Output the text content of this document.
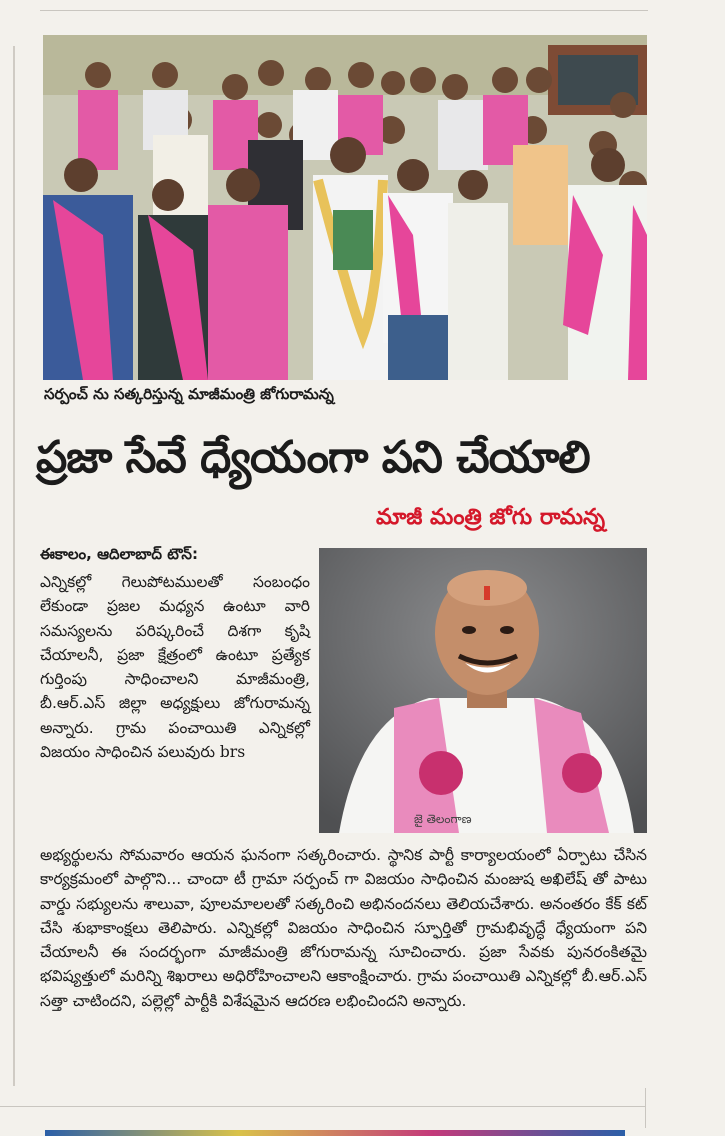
సర్పంచ్ ను సత్కరిస్తున్న మాజీమంత్రి జోగురామన్న
ప్రజా సేవే ధ్యేయంగా పని చేయాలి
మాజీ మంత్రి జోగు రామన్న
ఈకాలం, ఆదిలాబాద్ టౌన్:
ఎన్నికల్లో గెలుపోటములతో సంబంధం లేకుండా ప్రజల మధ్యన ఉంటూ వారి సమస్యలను పరిష్కరించే దిశగా కృషి చేయాలనీ, ప్రజా క్షేత్రంలో ఉంటూ ప్రత్యేక గుర్తింపు సాధించాలని మాజీమంత్రి, బీ.ఆర్.ఎస్ జిల్లా అధ్యక్షులు జోగురామన్న అన్నారు. గ్రామ పంచాయితి ఎన్నికల్లో విజయం సాధించిన పలువురు brs
జై తెలంగాణ
అభ్యర్థులను సోమవారం ఆయన ఘనంగా సత్కరించారు. స్థానిక పార్టీ కార్యాలయంలో ఏర్పాటు చేసిన కార్యక్రమంలో పాల్గొని... చాందా టీ గ్రామా సర్పంచ్ గా విజయం సాధించిన మంజుష అఖిలేష్ తో పాటు వార్డు సభ్యులను శాలువా, పూలమాలలతో సత్కరించి అభినందనలు తెలియచేశారు. అనంతరం కేక్ కట్ చేసి శుభాకాంక్షలు తెలిపారు. ఎన్నికల్లో విజయం సాధించిన స్ఫూర్తితో గ్రామభివృద్ధే ధ్యేయంగా పని చేయాలనీ ఈ సందర్భంగా మాజీమంత్రి జోగురామన్న సూచించారు. ప్రజా సేవకు పునరంకితమై భవిష్యత్తులో మరిన్ని శిఖరాలు అధిరోహించాలని ఆకాంక్షించారు. గ్రామ పంచాయితి ఎన్నికల్లో బీ.ఆర్.ఎస్ సత్తా చాటిందని, పల్లెల్లో పార్టీకి విశేషమైన ఆదరణ లభించిందని అన్నారు.
